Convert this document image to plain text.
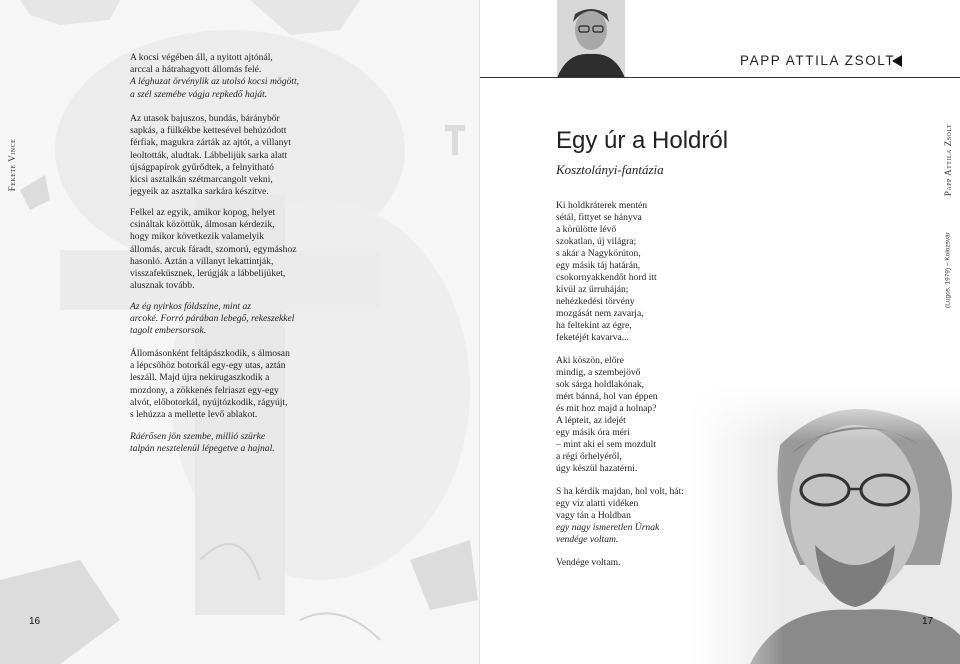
Fekete Vince

A kocsi végében áll, a nyitott ajtónál,

arccal a hátrahagyott állomás felé.

A léghuzat örvénylik az utolsó kocsi mögött,

a szél szemébe vágja repkedő haját.

Az utasok bajuszos, bundás, báránybőr

sapkás, a fülkékbe kettesével behúzódott

férfiak, magukra zárták az ajtót, a villanyt

leoltották, aludtak. Lábbelijük sarka alatt

újságpapírok gyűrődtek, a felnyitható

kicsi asztalkán szétmarcangolt vekni,

jegyeik az asztalka sarkára készítve.

Felkel az egyik, amikor kopog, helyet

csináltak közöttük, álmosan kérdezik,

hogy mikor következik valamelyik

állomás, arcuk fáradt, szomorú, egymáshoz

hasonló. Aztán a villanyt lekattintják,

visszafeküsznek, lerúgják a lábbelijüket,

alusznak tovább.

Az ég nyirkos földszíne, mint az

arcoké. Forró párában lebegő, rekeszekkel

tagolt embersorsok.

Állomásonként feltápászkodik, s álmosan

a lépcsőhöz botorkál egy-egy utas, aztán

leszáll. Majd újra nekirugaszkodik a

mozdony, a zökkenés felriaszt egy-egy

alvót, előbotorkál, nyújtózkodik, rágyújt,

s lehúzza a mellette levő ablakot.

Ráérősen jön szembe, millió szürke

talpán nesztelenül lépegetve a hajnal.

16
PAPP ATTILA ZSOLT
Egy úr a Holdról
Kosztolányi-fantázia	Papp Attila Zsolt
(Lugos, 1979) – Kolozsvár

Ki holdkráterek mentén

sétál, fittyet se hányva

a körülötte lévő

szokatlan, új világra;

s akár a Nagykörúton,

egy másik táj határán,

csokornyakkendőt hord itt

kívül az űrruháján;

nehézkedési törvény

mozgását nem zavarja,

ha feltekint az égre,

feketéjét kavarva...

Aki köszön, előre

mindig, a szembejövő

sok sárga holdlakónak,

mért bánná, hol van éppen

és mit hoz majd a holnap?

A lépteit, az idejét

egy másik óra méri

– mint aki el sem mozdult

a régi őrhelyéről,

úgy készül hazatérni.

S ha kérdik majdan, hol volt, hát:

egy víz alatti vidéken

vagy tán a Holdban

egy nagy ismeretlen Úrnak

vendége voltam.

Vendége voltam.

17
